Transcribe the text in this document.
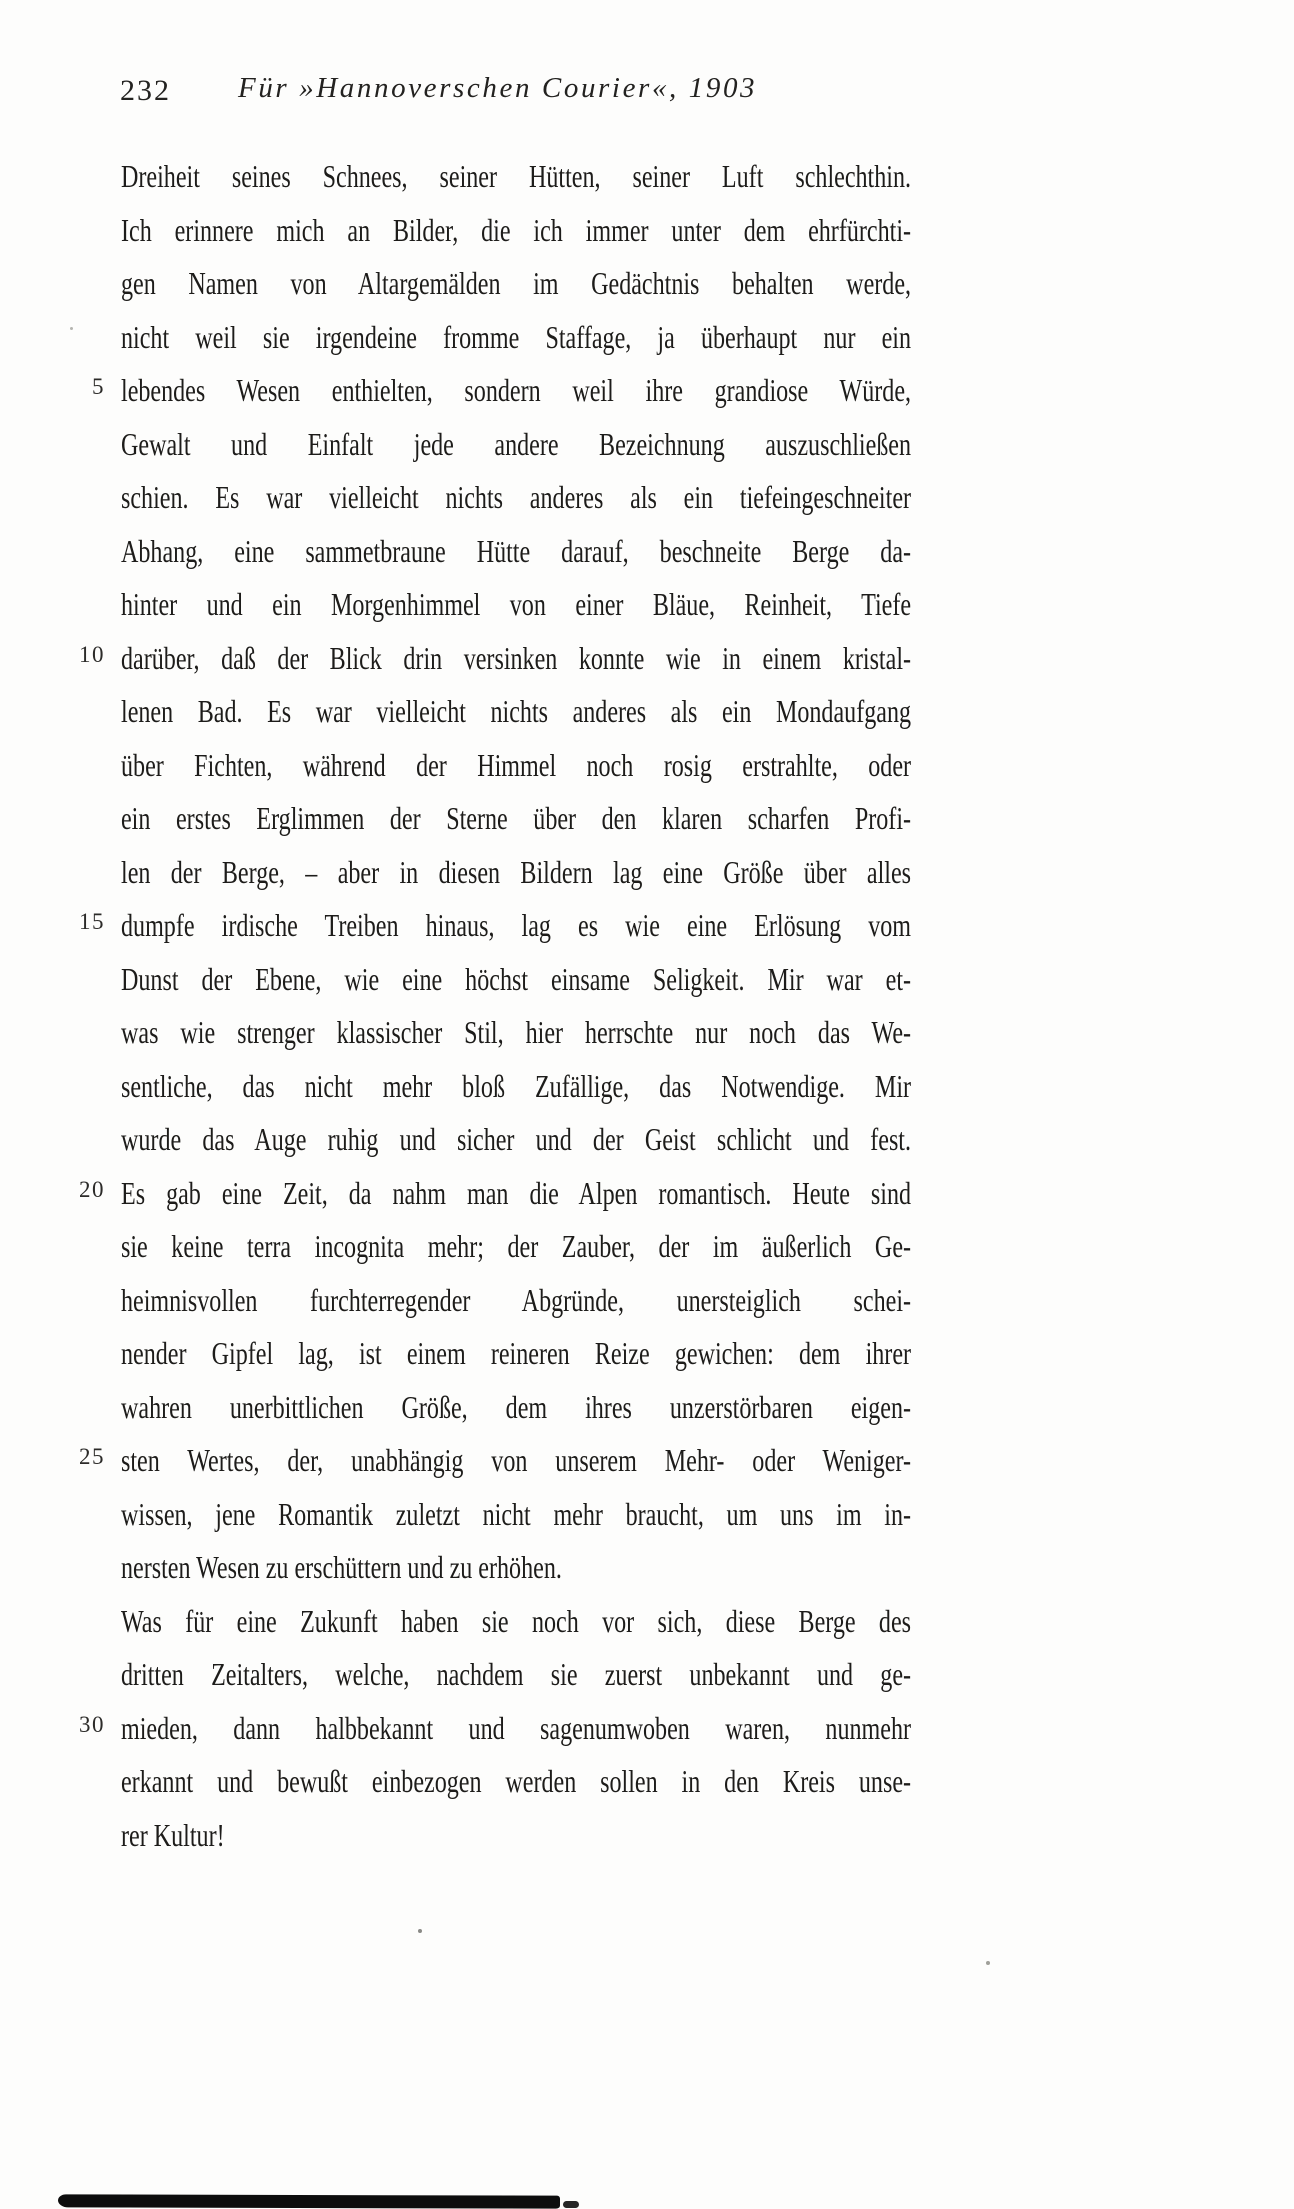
232 Für »Hannoverschen Courier«, 1903
Dreiheit seines Schnees, seiner Hütten, seiner Luft schlechthin.
Ich erinnere mich an Bilder, die ich immer unter dem ehrfürchti-
gen Namen von Altargemälden im Gedächtnis behalten werde,
nicht weil sie irgendeine fromme Staffage, ja überhaupt nur ein
5 lebendes Wesen enthielten, sondern weil ihre grandiose Würde,
Gewalt und Einfalt jede andere Bezeichnung auszuschließen
schien. Es war vielleicht nichts anderes als ein tiefeingeschneiter
Abhang, eine sammetbraune Hütte darauf, beschneite Berge da-
hinter und ein Morgenhimmel von einer Bläue, Reinheit, Tiefe
10 darüber, daß der Blick drin versinken konnte wie in einem kristal-
lenen Bad. Es war vielleicht nichts anderes als ein Mondaufgang
über Fichten, während der Himmel noch rosig erstrahlte, oder
ein erstes Erglimmen der Sterne über den klaren scharfen Profi-
len der Berge, – aber in diesen Bildern lag eine Größe über alles
15 dumpfe irdische Treiben hinaus, lag es wie eine Erlösung vom
Dunst der Ebene, wie eine höchst einsame Seligkeit. Mir war et-
was wie strenger klassischer Stil, hier herrschte nur noch das We-
sentliche, das nicht mehr bloß Zufällige, das Notwendige. Mir
wurde das Auge ruhig und sicher und der Geist schlicht und fest.
20 Es gab eine Zeit, da nahm man die Alpen romantisch. Heute sind
sie keine terra incognita mehr; der Zauber, der im äußerlich Ge-
heimnisvollen furchterregender Abgründe, unersteiglich schei-
nender Gipfel lag, ist einem reineren Reize gewichen: dem ihrer
wahren unerbittlichen Größe, dem ihres unzerstörbaren eigen-
25 sten Wertes, der, unabhängig von unserem Mehr- oder Weniger-
wissen, jene Romantik zuletzt nicht mehr braucht, um uns im in-
nersten Wesen zu erschüttern und zu erhöhen.
Was für eine Zukunft haben sie noch vor sich, diese Berge des
dritten Zeitalters, welche, nachdem sie zuerst unbekannt und ge-
30 mieden, dann halbbekannt und sagenumwoben waren, nunmehr
erkannt und bewußt einbezogen werden sollen in den Kreis unse-
rer Kultur!
